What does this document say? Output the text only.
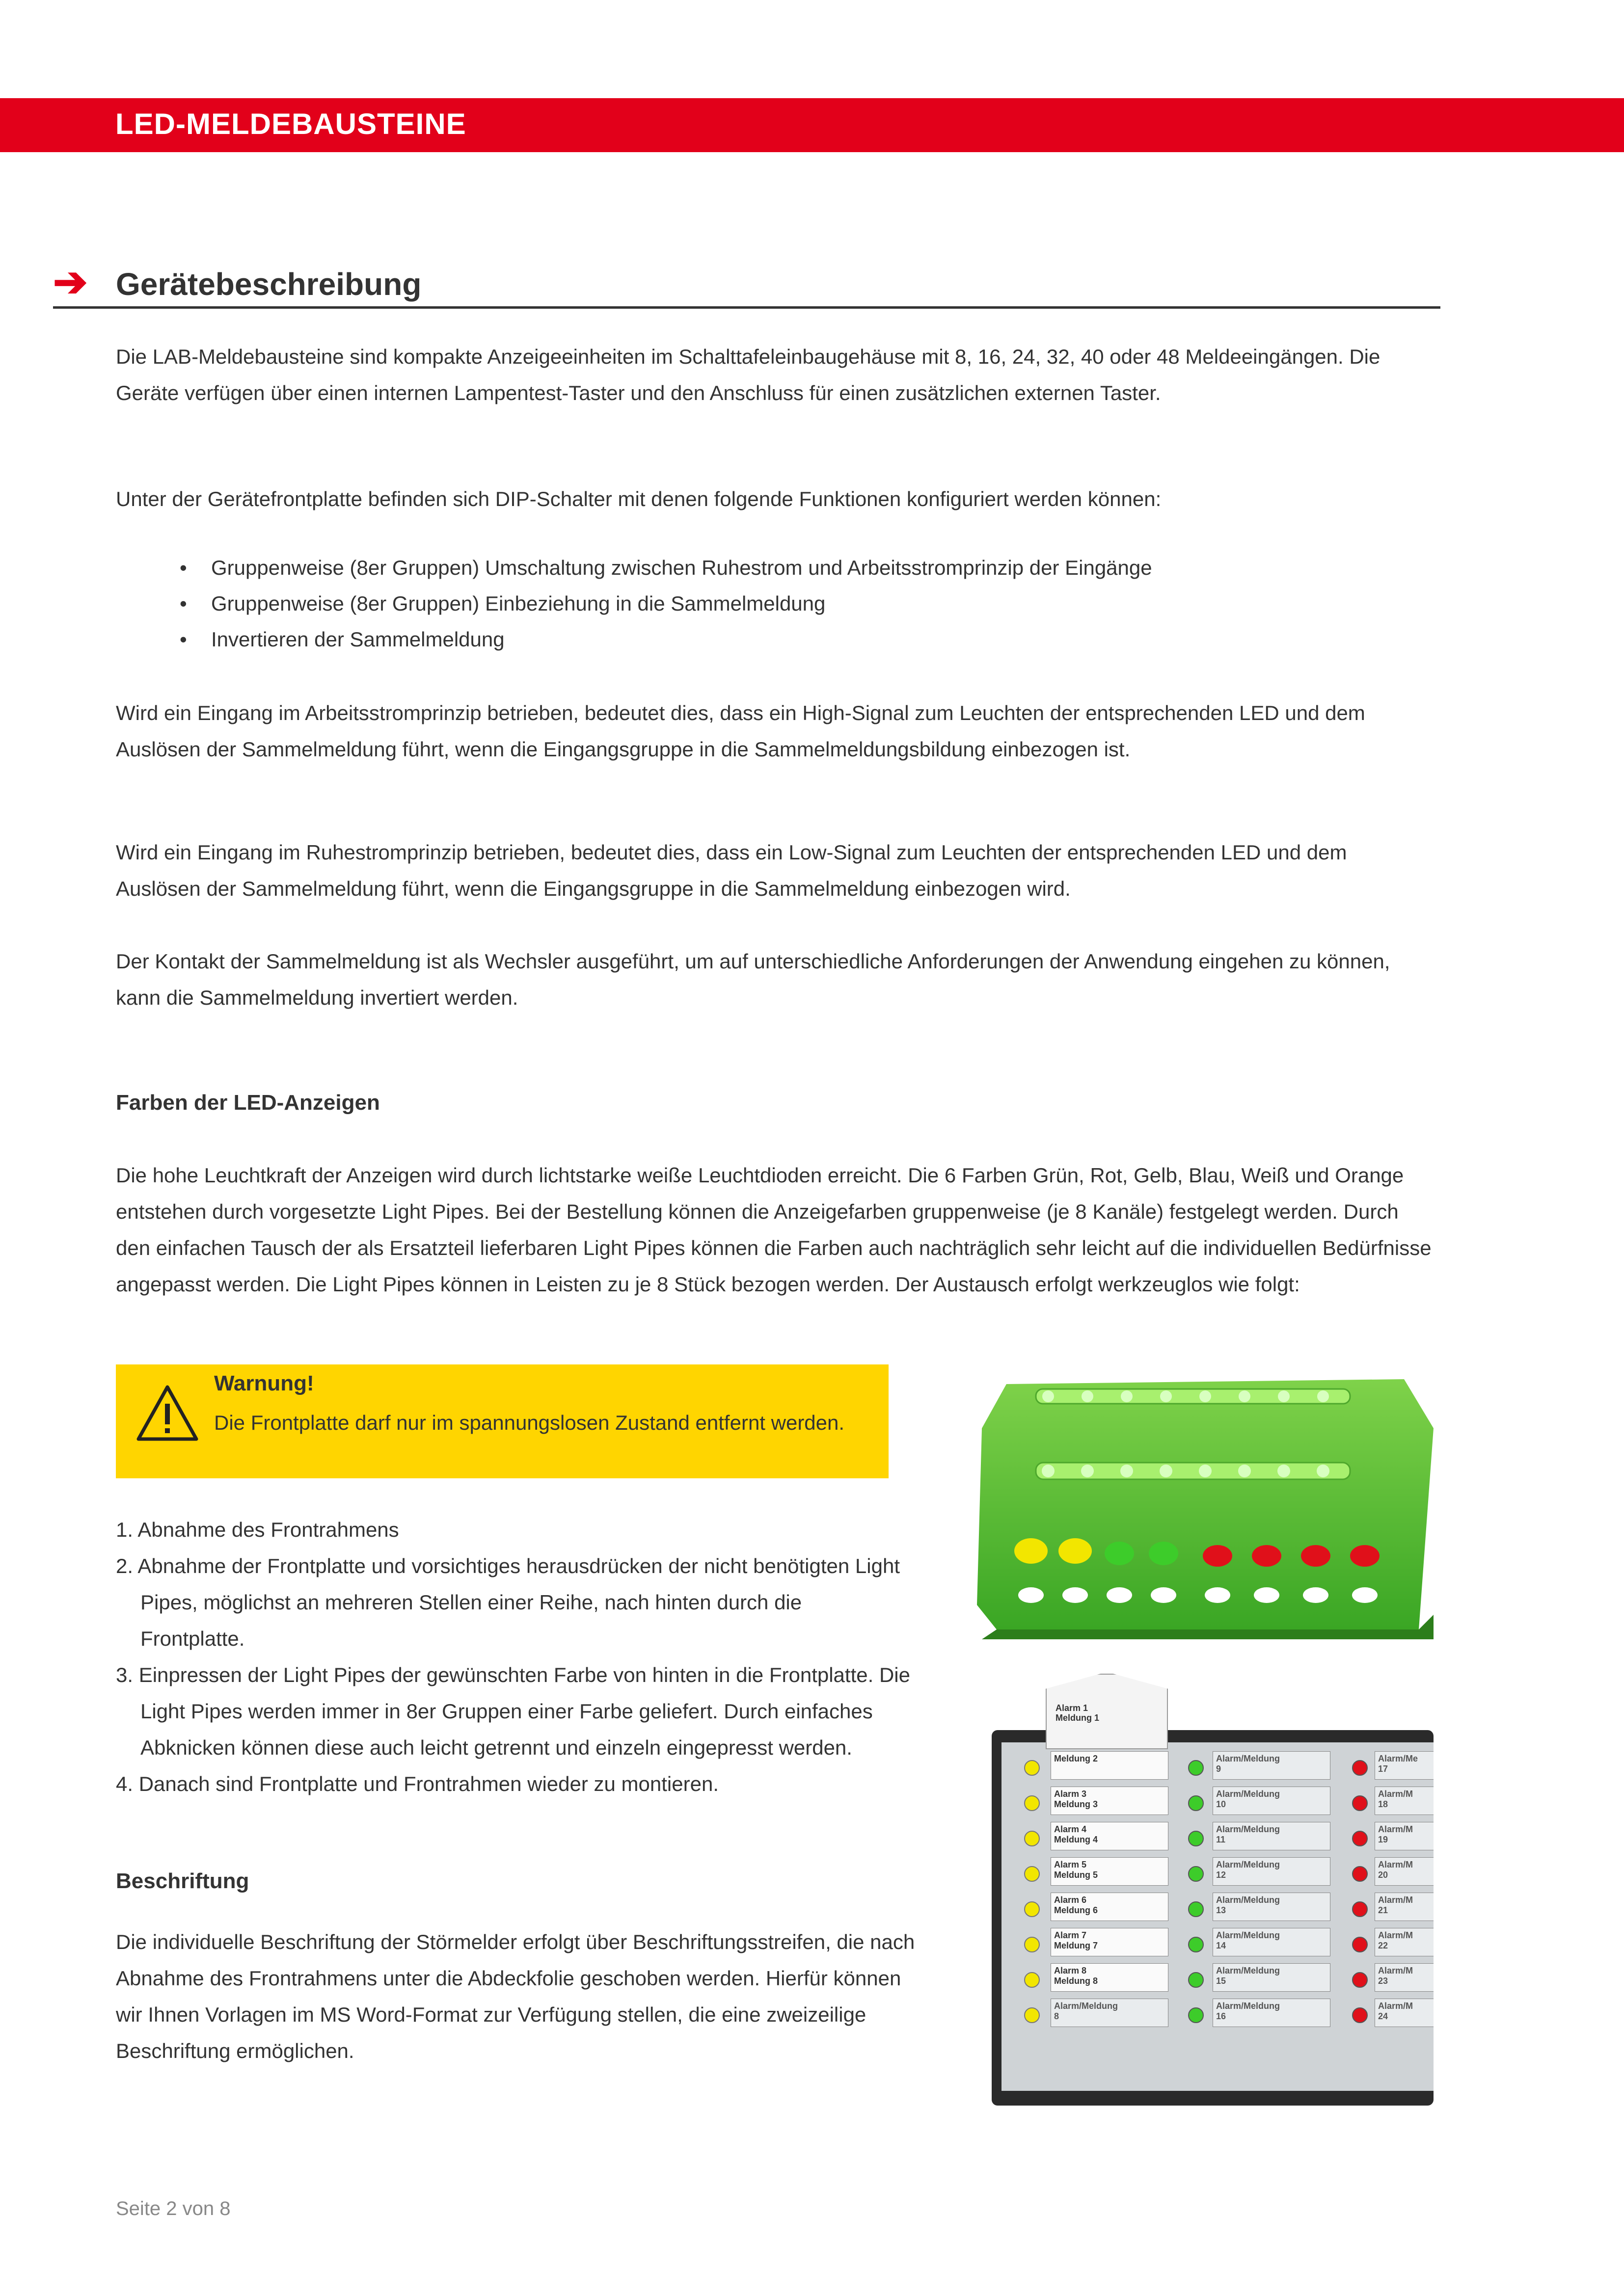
LED-MELDEBAUSTEINE
➔ Gerätebeschreibung

Die LAB-Meldebausteine sind kompakte Anzeigeeinheiten im Schalttafeleinbaugehäuse mit 8, 16, 24, 32, 40 oder 48 Meldeeingängen. Die Geräte verfügen über einen internen Lampentest-Taster und den Anschluss für einen zusätzlichen externen Taster.

Unter der Gerätefrontplatte befinden sich DIP-Schalter mit denen folgende Funktionen konfiguriert werden können:

• Gruppenweise (8er Gruppen) Umschaltung zwischen Ruhestrom und Arbeitsstromprinzip der Eingänge
• Gruppenweise (8er Gruppen) Einbeziehung in die Sammelmeldung
• Invertieren der Sammelmeldung

Wird ein Eingang im Arbeitsstromprinzip betrieben, bedeutet dies, dass ein High-Signal zum Leuchten der entsprechenden LED und dem Auslösen der Sammelmeldung führt, wenn die Eingangsgruppe in die Sammelmeldungsbildung einbezogen ist.

Wird ein Eingang im Ruhestromprinzip betrieben, bedeutet dies, dass ein Low-Signal zum Leuchten der entsprechenden LED und dem Auslösen der Sammelmeldung führt, wenn die Eingangsgruppe in die Sammelmeldung einbezogen wird.

Der Kontakt der Sammelmeldung ist als Wechsler ausgeführt, um auf unterschiedliche Anforderungen der Anwendung eingehen zu können, kann die Sammelmeldung invertiert werden.

Farben der LED-Anzeigen

Die hohe Leuchtkraft der Anzeigen wird durch lichtstarke weiße Leuchtdioden erreicht. Die 6 Farben Grün, Rot, Gelb, Blau, Weiß und Orange entstehen durch vorgesetzte Light Pipes. Bei der Bestellung können die Anzeigefarben gruppenweise (je 8 Kanäle) festgelegt werden. Durch den einfachen Tausch der als Ersatzteil lieferbaren Light Pipes können die Farben auch nachträglich sehr leicht auf die individuellen Bedürfnisse angepasst werden. Die Light Pipes können in Leisten zu je 8 Stück bezogen werden. Der Austausch erfolgt werkzeuglos wie folgt:

Warnung!
Die Frontplatte darf nur im spannungslosen Zustand entfernt werden.
1. Abnahme des Frontrahmens
2. Abnahme der Frontplatte und vorsichtiges herausdrücken der nicht benötigten Light Pipes, möglichst an mehreren Stellen einer Reihe, nach hinten durch die Frontplatte.
3. Einpressen der Light Pipes der gewünschten Farbe von hinten in die Frontplatte. Die Light Pipes werden immer in 8er Gruppen einer Farbe geliefert. Durch einfaches Abknicken können diese auch leicht getrennt und einzeln eingepresst werden.
4. Danach sind Frontplatte und Frontrahmen wieder zu montieren.
Beschriftung

Die individuelle Beschriftung der Störmelder erfolgt über Beschriftungsstreifen, die nach Abnahme des Frontrahmens unter die Abdeckfolie geschoben werden. Hierfür können wir Ihnen Vorlagen im MS Word-Format zur Verfügung stellen, die eine zweizeilige Beschriftung ermöglichen.

Alarm 1
Meldung 1
Meldung 2
Alarm 3
Meldung 3
Alarm 4
Meldung 4
Alarm 5
Meldung 5
Alarm 6
Meldung 6
Alarm 7
Meldung 7
Alarm 8
Meldung 8
Alarm/Meldung
8
Alarm/Meldung
9
Alarm/Meldung
10
Alarm/Meldung
11
Alarm/Meldung
12
Alarm/Meldung
13
Alarm/Meldung
14
Alarm/Meldung
15
Alarm/Meldung
16
Alarm/Me
17
Alarm/M
18
Alarm/M
19
Alarm/M
20
Alarm/M
21
Alarm/M
22
Alarm/M
23
Alarm/M
24
Seite 2 von 8
